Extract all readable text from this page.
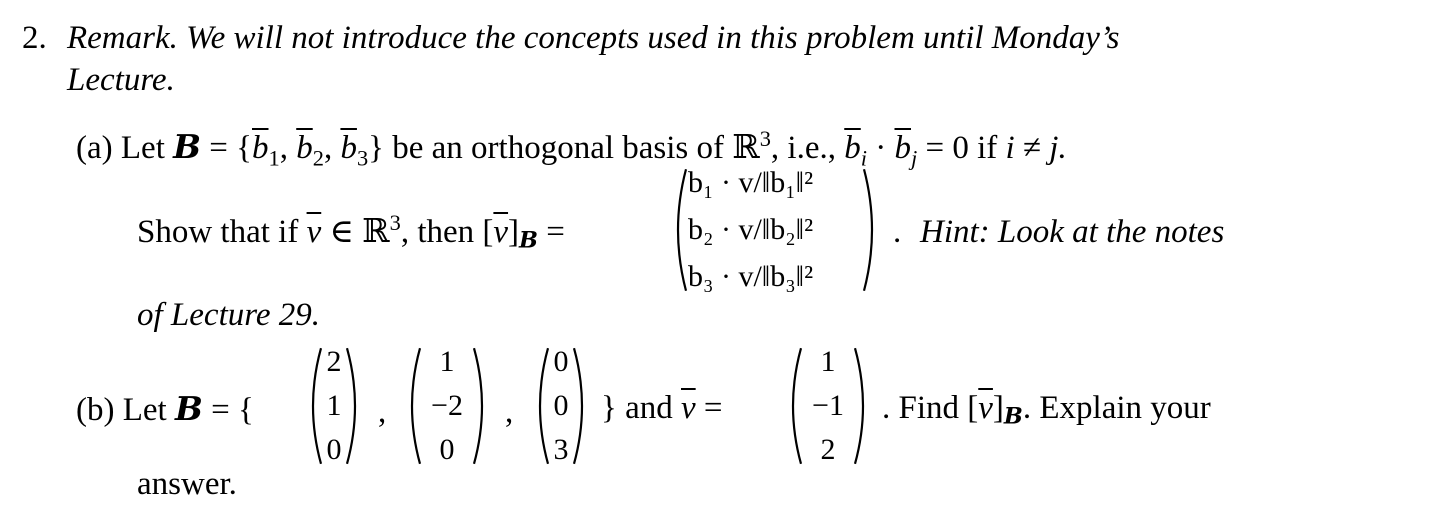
2. Remark. We will not introduce the concepts used in this problem until Monday’s
Lecture.
(a) Let $B = \{\overline{b}_1$, $\overline{b}_2$, $\overline{b}_3$} be an orthogonal basis of ℝ$^3$, i.e., $\overline{b}_i \cdot \overline{b}_j = 0$ if i ≠ j.
Show that if $\overline{v}$ ∈ ℝ$^3$, then $[\overline{v}]B$ =
b₁ · v/‖b₁‖²
b₂ · v/‖b₂‖²
b₃ · v/‖b₃‖²
. Hint: Look at the notes
of Lecture 29.
(b) Let B = {
2
1
0
,
1
−2
0
,
0
0
3
} and $\overline{v}$ =
1
−1
2
. Find $[\overline{v}]B$. Explain your
answer.
